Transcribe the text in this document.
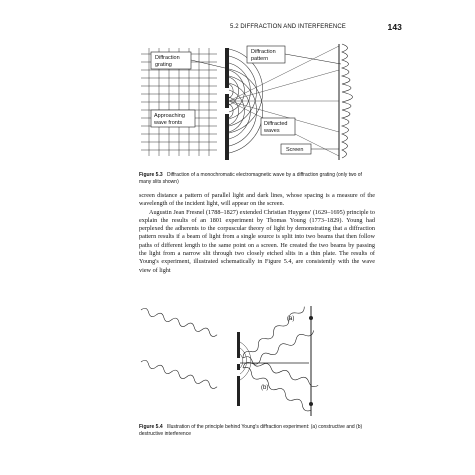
5.2 DIFFRACTION AND INTERFERENCE	143
Diffraction
grating
Diffraction
pattern
Approaching
wave fronts	Diffracted
waves
Screen
Figure 5.3 Diffraction of a monochromatic electromagnetic wave by a diffraction grating (only two of many slits shown)

screen distance a pattern of parallel light and dark lines, whose spacing is a measure of the wavelength of the incident light, will appear on the screen.

Augustin Jean Fresnel (1788–1827) extended Christian Huygens' (1629–1695) principle to explain the results of an 1801 experiment by Thomas Young (1773–1829). Young had perplexed the adherents to the corpuscular theory of light by demonstrating that a diffraction pattern results if a beam of light from a single source is split into two beams that then follow paths of different length to the same point on a screen. He created the two beams by passing the light from a narrow slit through two closely etched slits in a thin plate. The results of Young's experiment, illustrated schematically in Figure 5.4, are consistently with the wave view of light

(a)
(b)
Figure 5.4 Illustration of the principle behind Young's diffraction experiment: (a) constructive and (b) destructive interference
